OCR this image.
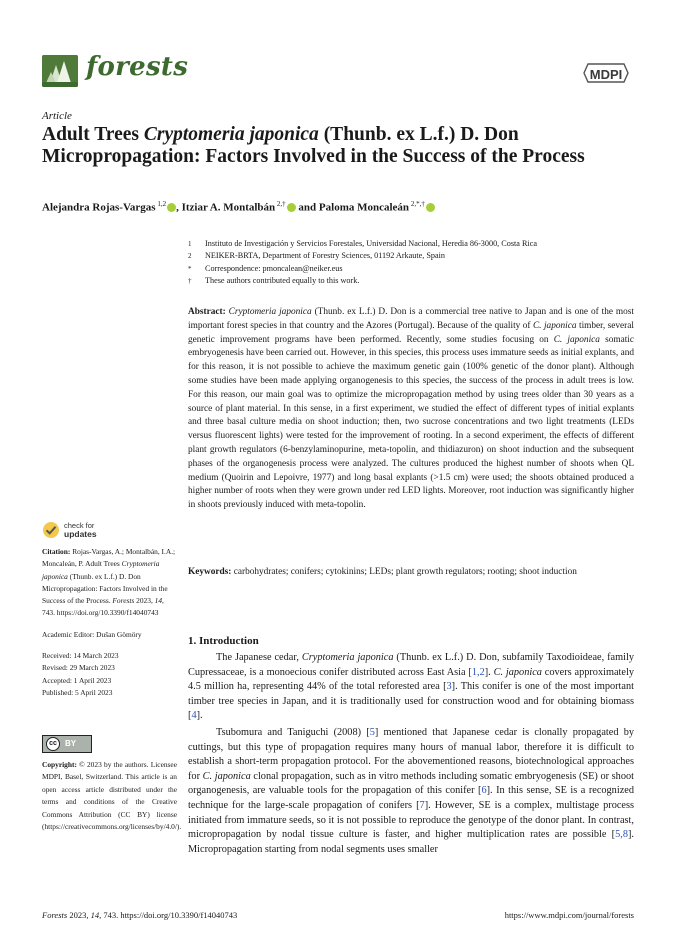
forests	MDPI
Article
Adult Trees Cryptomeria japonica (Thunb. ex L.f.) D. Don Micropropagation: Factors Involved in the Success of the Process
Alejandra Rojas-Vargas $^{1,2}$ , Itziar A. Montalbán $^{2,\dagger}$ and Paloma Moncaleán $^{2,*,\dagger}$
1	Instituto de Investigación y Servicios Forestales, Universidad Nacional, Heredia 86-3000, Costa Rica
2	NEIKER-BRTA, Department of Forestry Sciences, 01192 Arkaute, Spain
*	Correspondence: pmoncalean@neiker.eus
†	These authors contributed equally to this work.
Abstract: Cryptomeria japonica (Thunb. ex L.f.) D. Don is a commercial tree native to Japan and is one of the most important forest species in that country and the Azores (Portugal). Because of the quality of C. japonica timber, several genetic improvement programs have been performed. Recently, some studies focusing on C. japonica somatic embryogenesis have been carried out. However, in this species, this process uses immature seeds as initial explants, and for this reason, it is not possible to achieve the maximum genetic gain (100% genetic of the donor plant). Although some studies have been made applying organogenesis to this species, the success of the process in adult trees is low. For this reason, our main goal was to optimize the micropropagation method by using trees older than 30 years as a source of plant material. In this sense, in a first experiment, we studied the effect of different types of initial explants and three basal culture media on shoot induction; then, two sucrose concentrations and two light treatments (LEDs versus fluorescent lights) were tested for the improvement of rooting. In a second experiment, the effects of different plant growth regulators (6-benzylaminopurine, meta-topolin, and thidiazuron) on shoot induction and the subsequent phases of the organogenesis process were analyzed. The cultures produced the highest number of shoots when QL medium (Quoirin and Lepoivre, 1977) and long basal explants (>1.5 cm) were used; the shoots obtained produced a higher number of roots when they were grown under red LED lights. Moreover, root induction was significantly higher in shoots previously induced with meta-topolin.
Keywords: carbohydrates; conifers; cytokinins; LEDs; plant growth regulators; rooting; shoot induction
check for
updates
Citation: Rojas-Vargas, A.; Montalbán, I.A.; Moncaleán, P. Adult Trees Cryptomeria japonica (Thunb. ex L.f.) D. Don Micropropagation: Factors Involved in the Success of the Process. Forests 2023, 14, 743. https://doi.org/10.3390/f14040743
Academic Editor: Dušan Gömöry

Received: 14 March 2023

Revised: 29 March 2023

Accepted: 1 April 2023

Published: 5 April 2023

cc	BY
Copyright: © 2023 by the authors. Licensee MDPI, Basel, Switzerland. This article is an open access article distributed under the terms and conditions of the Creative Commons Attribution (CC BY) license (https://creativecommons.org/licenses/by/4.0/).
1. Introduction

The Japanese cedar, Cryptomeria japonica (Thunb. ex L.f.) D. Don, subfamily Taxodioideae, family Cupressaceae, is a monoecious conifer distributed across East Asia [1,2]. C. japonica covers approximately 4.5 million ha, representing 44% of the total reforested area [3]. This conifer is one of the most important timber tree species in Japan, and it is traditionally used for construction wood and for obtaining biomass [4].

Tsubomura and Taniguchi (2008) [5] mentioned that Japanese cedar is clonally propagated by cuttings, but this type of propagation requires many hours of manual labor, therefore it is difficult to establish a short-term propagation protocol. For the abovementioned reasons, biotechnological approaches for C. japonica clonal propagation, such as in vitro methods including somatic embryogenesis (SE) or shoot organogenesis, are valuable tools for the propagation of this conifer [6]. In this sense, SE is a recognized technique for the large-scale propagation of conifers [7]. However, SE is a complex, multistage process initiated from immature seeds, so it is not possible to reproduce the genotype of the donor plant. In contrast, micropropagation by nodal tissue culture is faster, and higher multiplication rates are possible [5,8]. Micropropagation starting from nodal segments uses smaller

Forests 2023, 14, 743. https://doi.org/10.3390/f14040743	https://www.mdpi.com/journal/forests
